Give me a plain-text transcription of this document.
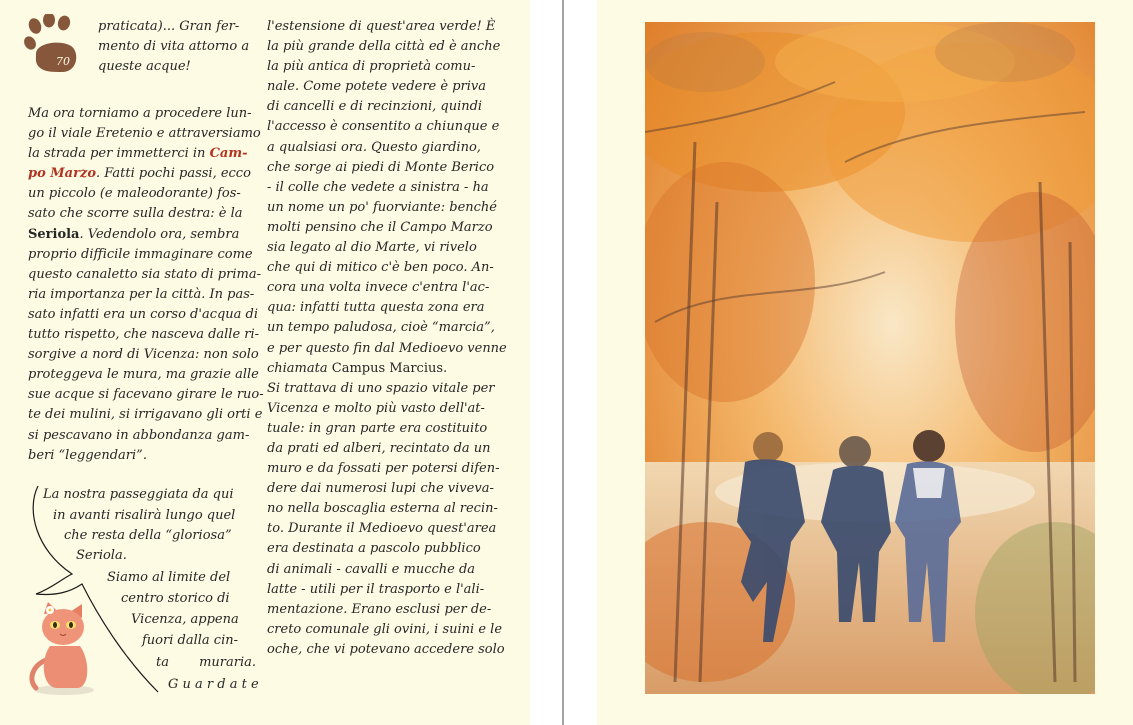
70
praticata)... Gran fer-
mento di vita attorno a
queste acque!
Ma ora torniamo a procedere lun-
go il viale Eretenio e attraversiamo
la strada per immetterci in Cam-
po Marzo. Fatti pochi passi, ecco
un piccolo (e maleodorante) fos-
sato che scorre sulla destra: è la
Seriola. Vedendolo ora, sembra
proprio difficile immaginare come
questo canaletto sia stato di prima-
ria importanza per la città. In pas-
sato infatti era un corso d'acqua di
tutto rispetto, che nasceva dalle ri-
sorgive a nord di Vicenza: non solo
proteggeva le mura, ma grazie alle
sue acque si facevano girare le ruo-
te dei mulini, si irrigavano gli orti e
si pescavano in abbondanza gam-
beri “leggendari”.
La nostra passeggiata da qui
in avanti risalirà lungo quel
che resta della “gloriosa”
Seriola.
Siamo al limite del
centro storico di
Vicenza, appena
fuori dalla cin-
ta muraria.
G u a r d a t e
l'estensione di quest'area verde! È
la più grande della città ed è anche
la più antica di proprietà comu-
nale. Come potete vedere è priva
di cancelli e di recinzioni, quindi
l'accesso è consentito a chiunque e
a qualsiasi ora. Questo giardino,
che sorge ai piedi di Monte Berico
- il colle che vedete a sinistra - ha
un nome un po' fuorviante: benché
molti pensino che il Campo Marzo
sia legato al dio Marte, vi rivelo
che qui di mitico c'è ben poco. An-
cora una volta invece c'entra l'ac-
qua: infatti tutta questa zona era
un tempo paludosa, cioè “marcia”,
e per questo fin dal Medioevo venne
chiamata Campus Marcius.
Si trattava di uno spazio vitale per
Vicenza e molto più vasto dell'at-
tuale: in gran parte era costituito
da prati ed alberi, recintato da un
muro e da fossati per potersi difen-
dere dai numerosi lupi che viveva-
no nella boscaglia esterna al recin-
to. Durante il Medioevo quest'area
era destinata a pascolo pubblico
di animali - cavalli e mucche da
latte - utili per il trasporto e l'ali-
mentazione. Erano esclusi per de-
creto comunale gli ovini, i suini e le
oche, che vi potevano accedere solo
